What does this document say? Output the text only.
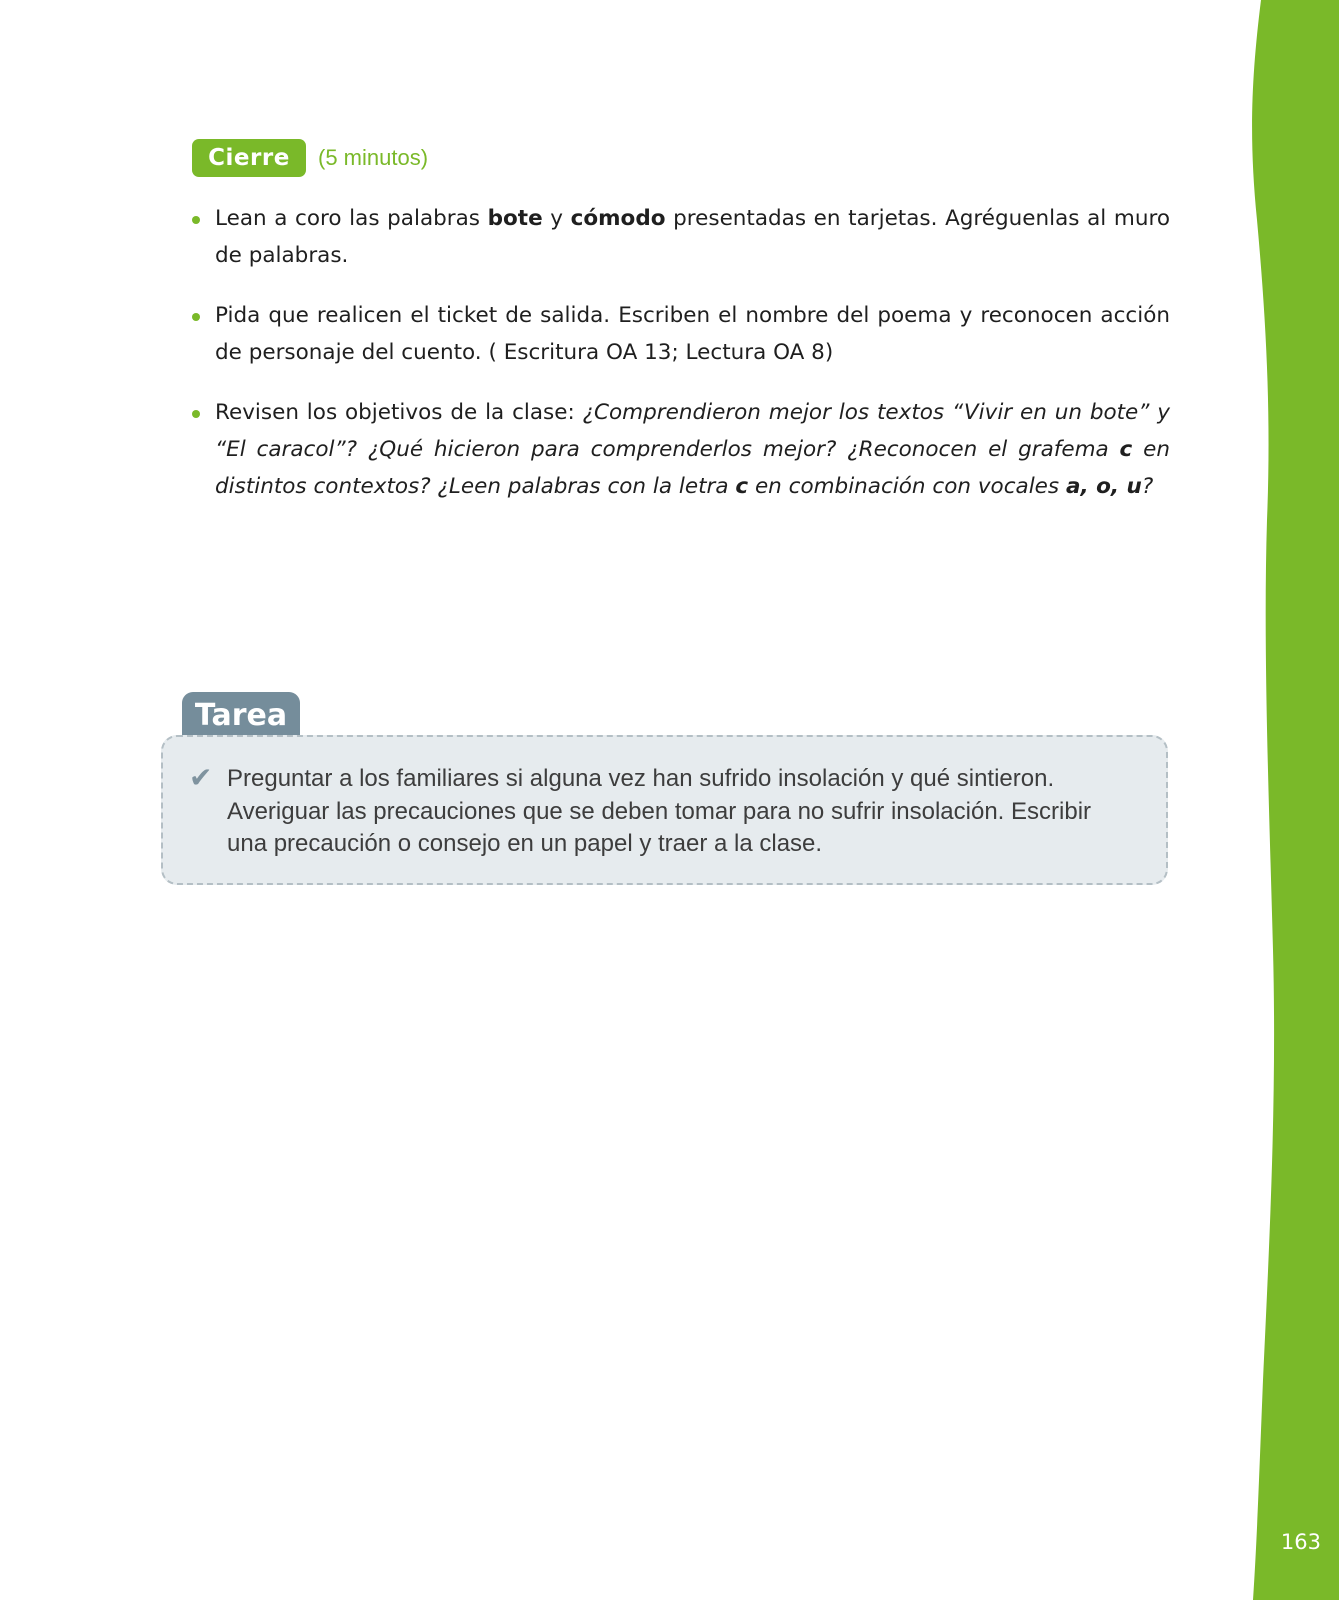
163
Cierre	(5 minutos)
Lean a coro las palabras bote y cómodo presentadas en tarjetas. Agréguenlas al muro de palabras.
Pida que realicen el ticket de salida. Escriben el nombre del poema y reconocen acción de personaje del cuento. ( Escritura OA 13; Lectura OA 8)
Revisen los objetivos de la clase: ¿Comprendieron mejor los textos “Vivir en un bote” y “El caracol”? ¿Qué hicieron para comprenderlos mejor? ¿Reconocen el grafema c en distintos contextos? ¿Leen palabras con la letra c en combinación con vocales a, o, u?
Tarea
✔ Preguntar a los familiares si alguna vez han sufrido insolación y qué sintieron. Averiguar las precauciones que se deben tomar para no sufrir insolación. Escribir una precaución o consejo en un papel y traer a la clase.
